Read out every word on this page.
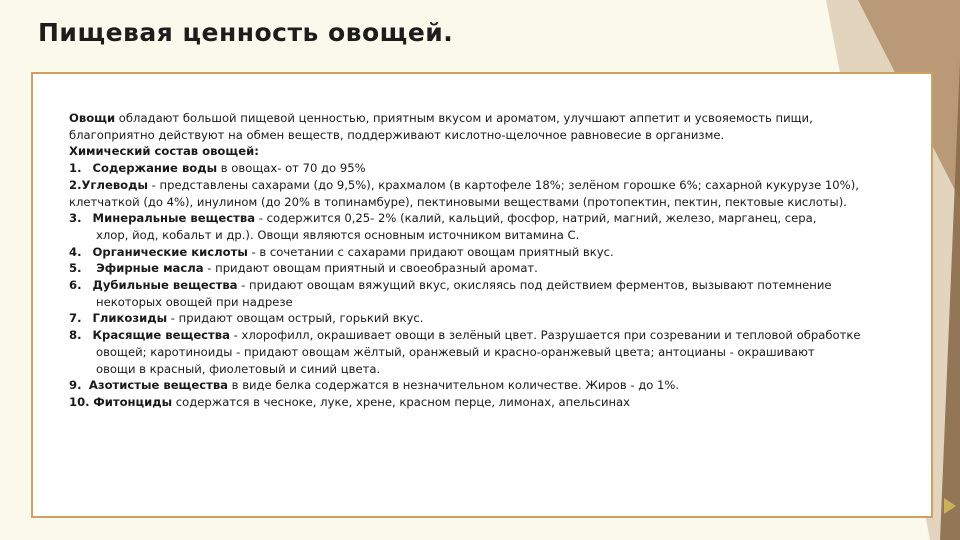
Пищевая ценность овощей.
Овощи обладают большой пищевой ценностью, приятным вкусом и ароматом, улучшают аппетит и усвояемость пищи,
благоприятно действуют на обмен веществ, поддерживают кислотно-щелочное равновесие в организме.
Химический состав овощей:
1. Содержание воды в овощах- от 70 до 95%
2.Углеводы - представлены сахарами (до 9,5%), крахмалом (в картофеле 18%; зелёном горошке 6%; сахарной кукурузе 10%),
клетчаткой (до 4%), инулином (до 20% в топинамбуре), пектиновыми веществами (протопектин, пектин, пектовые кислоты).
3. Минеральные вещества - содержится 0,25- 2% (калий, кальций, фосфор, натрий, магний, железо, марганец, сера,
хлор, йод, кобальт и др.). Овощи являются основным источником витамина С.
4. Органические кислоты - в сочетании с сахарами придают овощам приятный вкус.
5. Эфирные масла - придают овощам приятный и своеобразный аромат.
6. Дубильные вещества - придают овощам вяжущий вкус, окисляясь под действием ферментов, вызывают потемнение
некоторых овощей при надрезе
7. Гликозиды - придают овощам острый, горький вкус.
8. Красящие вещества - хлорофилл, окрашивает овощи в зелёный цвет. Разрушается при созревании и тепловой обработке
овощей; каротиноиды - придают овощам жёлтый, оранжевый и красно-оранжевый цвета; антоцианы - окрашивают
овощи в красный, фиолетовый и синий цвета.
9. Азотистые вещества в виде белка содержатся в незначительном количестве. Жиров - до 1%.
10. Фитонциды содержатся в чесноке, луке, хрене, красном перце, лимонах, апельсинах
